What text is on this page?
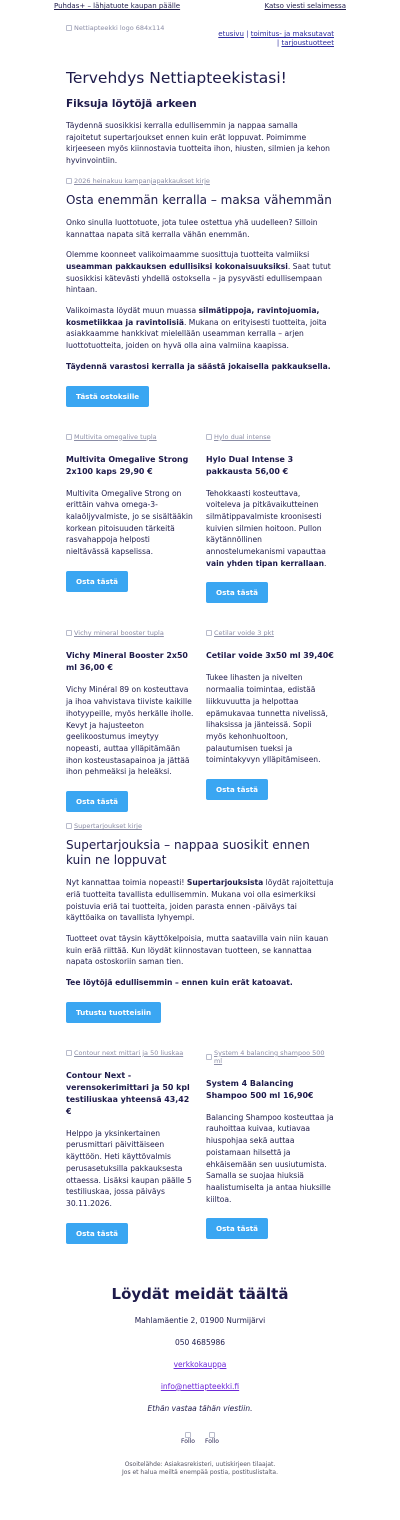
Puhdas+ – lähjatuote kaupan päälle	Katso viesti selaimessa
Nettiapteekki logo 684x114
etusivu | toimitus- ja maksutavat | tarjoustuotteet
Tervehdys Nettiapteekistasi!
Fiksuja löytöjä arkeen

Täydennä suosikkisi kerralla edullisemmin ja nappaa samalla rajoitetut supertarjoukset ennen kuin erät loppuvat. Poimimme kirjeeseen myös kiinnostavia tuotteita ihon, hiusten, silmien ja kehon hyvinvointiin.

2026 heinakuu kampanjapakkaukset kirje
Osta enemmän kerralla – maksa vähemmän

Onko sinulla luottotuote, jota tulee ostettua yhä uudelleen? Silloin kannattaa napata sitä kerralla vähän enemmän.

Olemme koonneet valikoimaamme suosittuja tuotteita valmiiksi useamman pakkauksen edullisiksi kokonaisuuksiksi. Saat tutut suosikkisi kätevästi yhdellä ostoksella – ja pysyvästi edullisempaan hintaan.

Valikoimasta löydät muun muassa silmätippoja, ravintojuomia, kosmetiikkaa ja ravintolisiä. Mukana on erityisesti tuotteita, joita asiakkaamme hankkivat mielellään useamman kerralla – arjen luottotuotteita, joiden on hyvä olla aina valmiina kaapissa.

Täydennä varastosi kerralla ja säästä jokaisella pakkauksella.

Tästä ostoksille
Multivita omegalive tupla
Multivita Omegalive Strong 2x100 kaps 29,90 €

Multivita Omegalive Strong on erittäin vahva omega-3-kalaöljyvalmiste, jo se sisältääkin korkean pitoisuuden tärkeitä rasvahappoja helposti nieltävässä kapselissa.

Osta tästä
Hylo dual intense
Hylo Dual Intense 3 pakkausta 56,00 €

Tehokkaasti kosteuttava, voiteleva ja pitkävaikutteinen silmätippavalmiste kroonisesti kuivien silmien hoitoon. Pullon käytännöllinen annostelumekanismi vapauttaa vain yhden tipan kerrallaan.

Osta tästä
Vichy mineral booster tupla
Vichy Mineral Booster 2x50 ml 36,00 €

Vichy Minéral 89 on kosteuttava ja ihoa vahvistava tiiviste kaikille ihotyypeille, myös herkälle iholle. Kevyt ja hajusteeton geelikoostumus imeytyy nopeasti, auttaa ylläpitämään ihon kosteustasapainoa ja jättää ihon pehmeäksi ja heleäksi.

Osta tästä
Cetilar voide 3 pkt
Cetilar voide 3x50 ml 39,40€

Tukee lihasten ja nivelten normaalia toimintaa, edistää liikkuvuutta ja helpottaa epämukavaa tunnetta nivelissä, lihaksissa ja jänteissä. Sopii myös kehonhuoltoon, palautumisen tueksi ja toimintakyvyn ylläpitämiseen.

Osta tästä
Supertarjoukset kirje
Supertarjouksia – nappaa suosikit ennen kuin ne loppuvat

Nyt kannattaa toimia nopeasti! Supertarjouksista löydät rajoitettuja eriä tuotteita tavallista edullisemmin. Mukana voi olla esimerkiksi poistuvia eriä tai tuotteita, joiden parasta ennen -päiväys tai käyttöaika on tavallista lyhyempi.

Tuotteet ovat täysin käyttökelpoisia, mutta saatavilla vain niin kauan kuin erää riittää. Kun löydät kiinnostavan tuotteen, se kannattaa napata ostoskoriin saman tien.

Tee löytöjä edullisemmin – ennen kuin erät katoavat.

Tutustu tuotteisiin
Contour next mittari ja 50 liuskaa
Contour Next -verensokerimittari ja 50 kpl testiliuskaa yhteensä 43,42 €

Helppo ja yksinkertainen perusmittari päivittäiseen käyttöön. Heti käyttövalmis perusasetuksilla pakkauksesta ottaessa. Lisäksi kaupan päälle 5 testiliuskaa, jossa päiväys 30.11.2026.

Osta tästä
System 4 balancing shampoo 500 ml
System 4 Balancing Shampoo 500 ml 16,90€

Balancing Shampoo kosteuttaa ja rauhoittaa kuivaa, kutiavaa hiuspohjaa sekä auttaa poistamaan hilsettä ja ehkäisemään sen uusiutumista. Samalla se suojaa hiuksiä haalistumiselta ja antaa hiuksille kiiltoa.

Osta tästä
Löydät meidät täältä
Mahlamäentie 2, 01900 Nurmijärvi
050 4685986
verkkokauppa
info@nettiapteekki.fi
Ethän vastaa tähän viestiin.
Follo Follo
Osoitelähde: Asiakasrekisteri, uutiskirjeen tilaajat.
Jos et halua meiltä enempää postia, postituslistalta.
